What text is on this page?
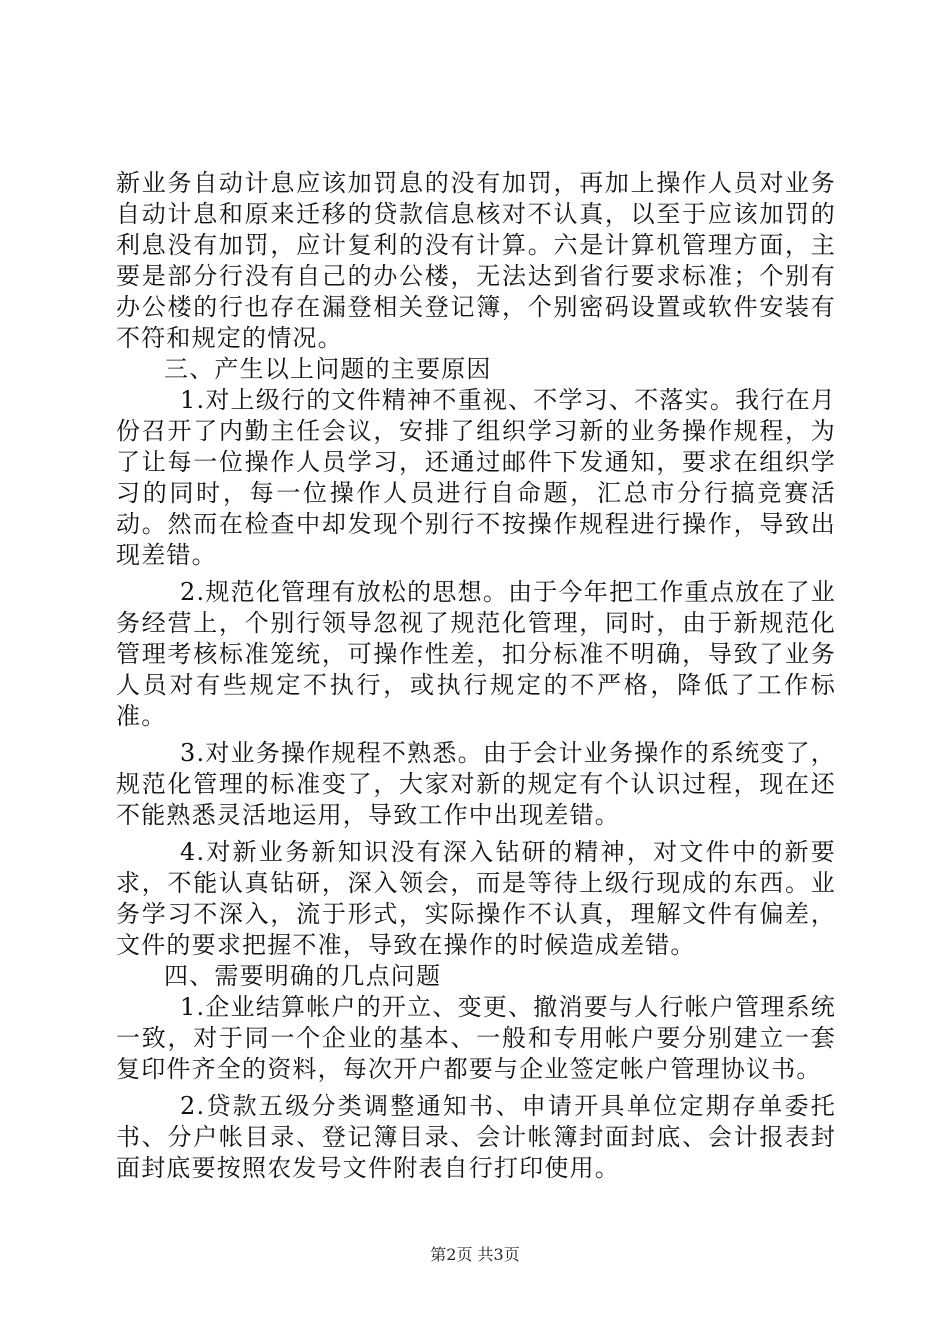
新业务自动计息应该加罚息的没有加罚，再加上操作人员对业务自动计息和原来迁移的贷款信息核对不认真，以至于应该加罚的利息没有加罚，应计复利的没有计算。六是计算机管理方面，主要是部分行没有自己的办公楼，无法达到省行要求标准；个别有办公楼的行也存在漏登相关登记簿，个别密码设置或软件安装有不符和规定的情况。

三、产生以上问题的主要原因

1.对上级行的文件精神不重视、不学习、不落实。我行在月份召开了内勤主任会议，安排了组织学习新的业务操作规程，为了让每一位操作人员学习，还通过邮件下发通知，要求在组织学习的同时，每一位操作人员进行自命题，汇总市分行搞竞赛活动。然而在检查中却发现个别行不按操作规程进行操作，导致出现差错。

2.规范化管理有放松的思想。由于今年把工作重点放在了业务经营上，个别行领导忽视了规范化管理，同时，由于新规范化管理考核标准笼统，可操作性差，扣分标准不明确，导致了业务人员对有些规定不执行，或执行规定的不严格，降低了工作标准。

3.对业务操作规程不熟悉。由于会计业务操作的系统变了，规范化管理的标准变了，大家对新的规定有个认识过程，现在还不能熟悉灵活地运用，导致工作中出现差错。

4.对新业务新知识没有深入钻研的精神，对文件中的新要求，不能认真钻研，深入领会，而是等待上级行现成的东西。业务学习不深入，流于形式，实际操作不认真，理解文件有偏差，文件的要求把握不准，导致在操作的时候造成差错。

四、需要明确的几点问题

1.企业结算帐户的开立、变更、撤消要与人行帐户管理系统一致，对于同一个企业的基本、一般和专用帐户要分别建立一套复印件齐全的资料，每次开户都要与企业签定帐户管理协议书。

2.贷款五级分类调整通知书、申请开具单位定期存单委托书、分户帐目录、登记簿目录、会计帐簿封面封底、会计报表封面封底要按照农发号文件附表自行打印使用。

第2页 共3页
